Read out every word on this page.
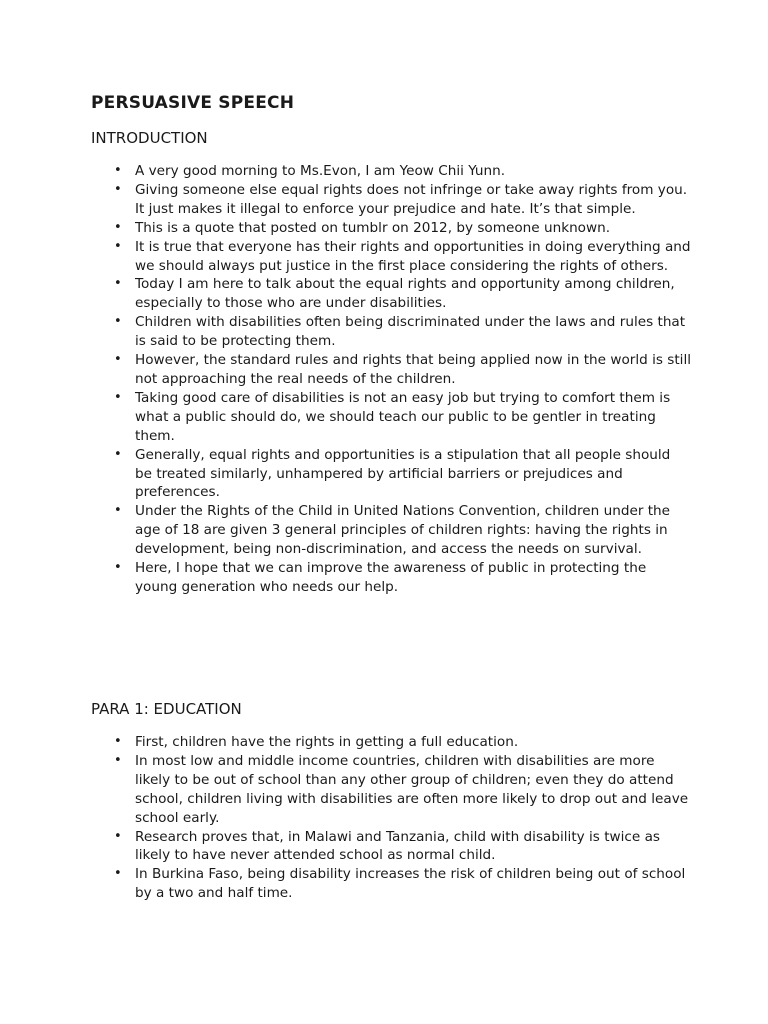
PERSUASIVE SPEECH
INTRODUCTION
• A very good morning to Ms.Evon, I am Yeow Chii Yunn.
• Giving someone else equal rights does not infringe or take away rights from you. It just makes it illegal to enforce your prejudice and hate. It’s that simple.
• This is a quote that posted on tumblr on 2012, by someone unknown.
• It is true that everyone has their rights and opportunities in doing everything and we should always put justice in the first place considering the rights of others.
• Today I am here to talk about the equal rights and opportunity among children, especially to those who are under disabilities.
• Children with disabilities often being discriminated under the laws and rules that is said to be protecting them.
• However, the standard rules and rights that being applied now in the world is still not approaching the real needs of the children.
• Taking good care of disabilities is not an easy job but trying to comfort them is what a public should do, we should teach our public to be gentler in treating them.
• Generally, equal rights and opportunities is a stipulation that all people should be treated similarly, unhampered by artificial barriers or prejudices and preferences.
• Under the Rights of the Child in United Nations Convention, children under the age of 18 are given 3 general principles of children rights: having the rights in development, being non-discrimination, and access the needs on survival.
• Here, I hope that we can improve the awareness of public in protecting the young generation who needs our help.
PARA 1: EDUCATION
• First, children have the rights in getting a full education.
• In most low and middle income countries, children with disabilities are more likely to be out of school than any other group of children; even they do attend school, children living with disabilities are often more likely to drop out and leave school early.
• Research proves that, in Malawi and Tanzania, child with disability is twice as likely to have never attended school as normal child.
• In Burkina Faso, being disability increases the risk of children being out of school by a two and half time.
